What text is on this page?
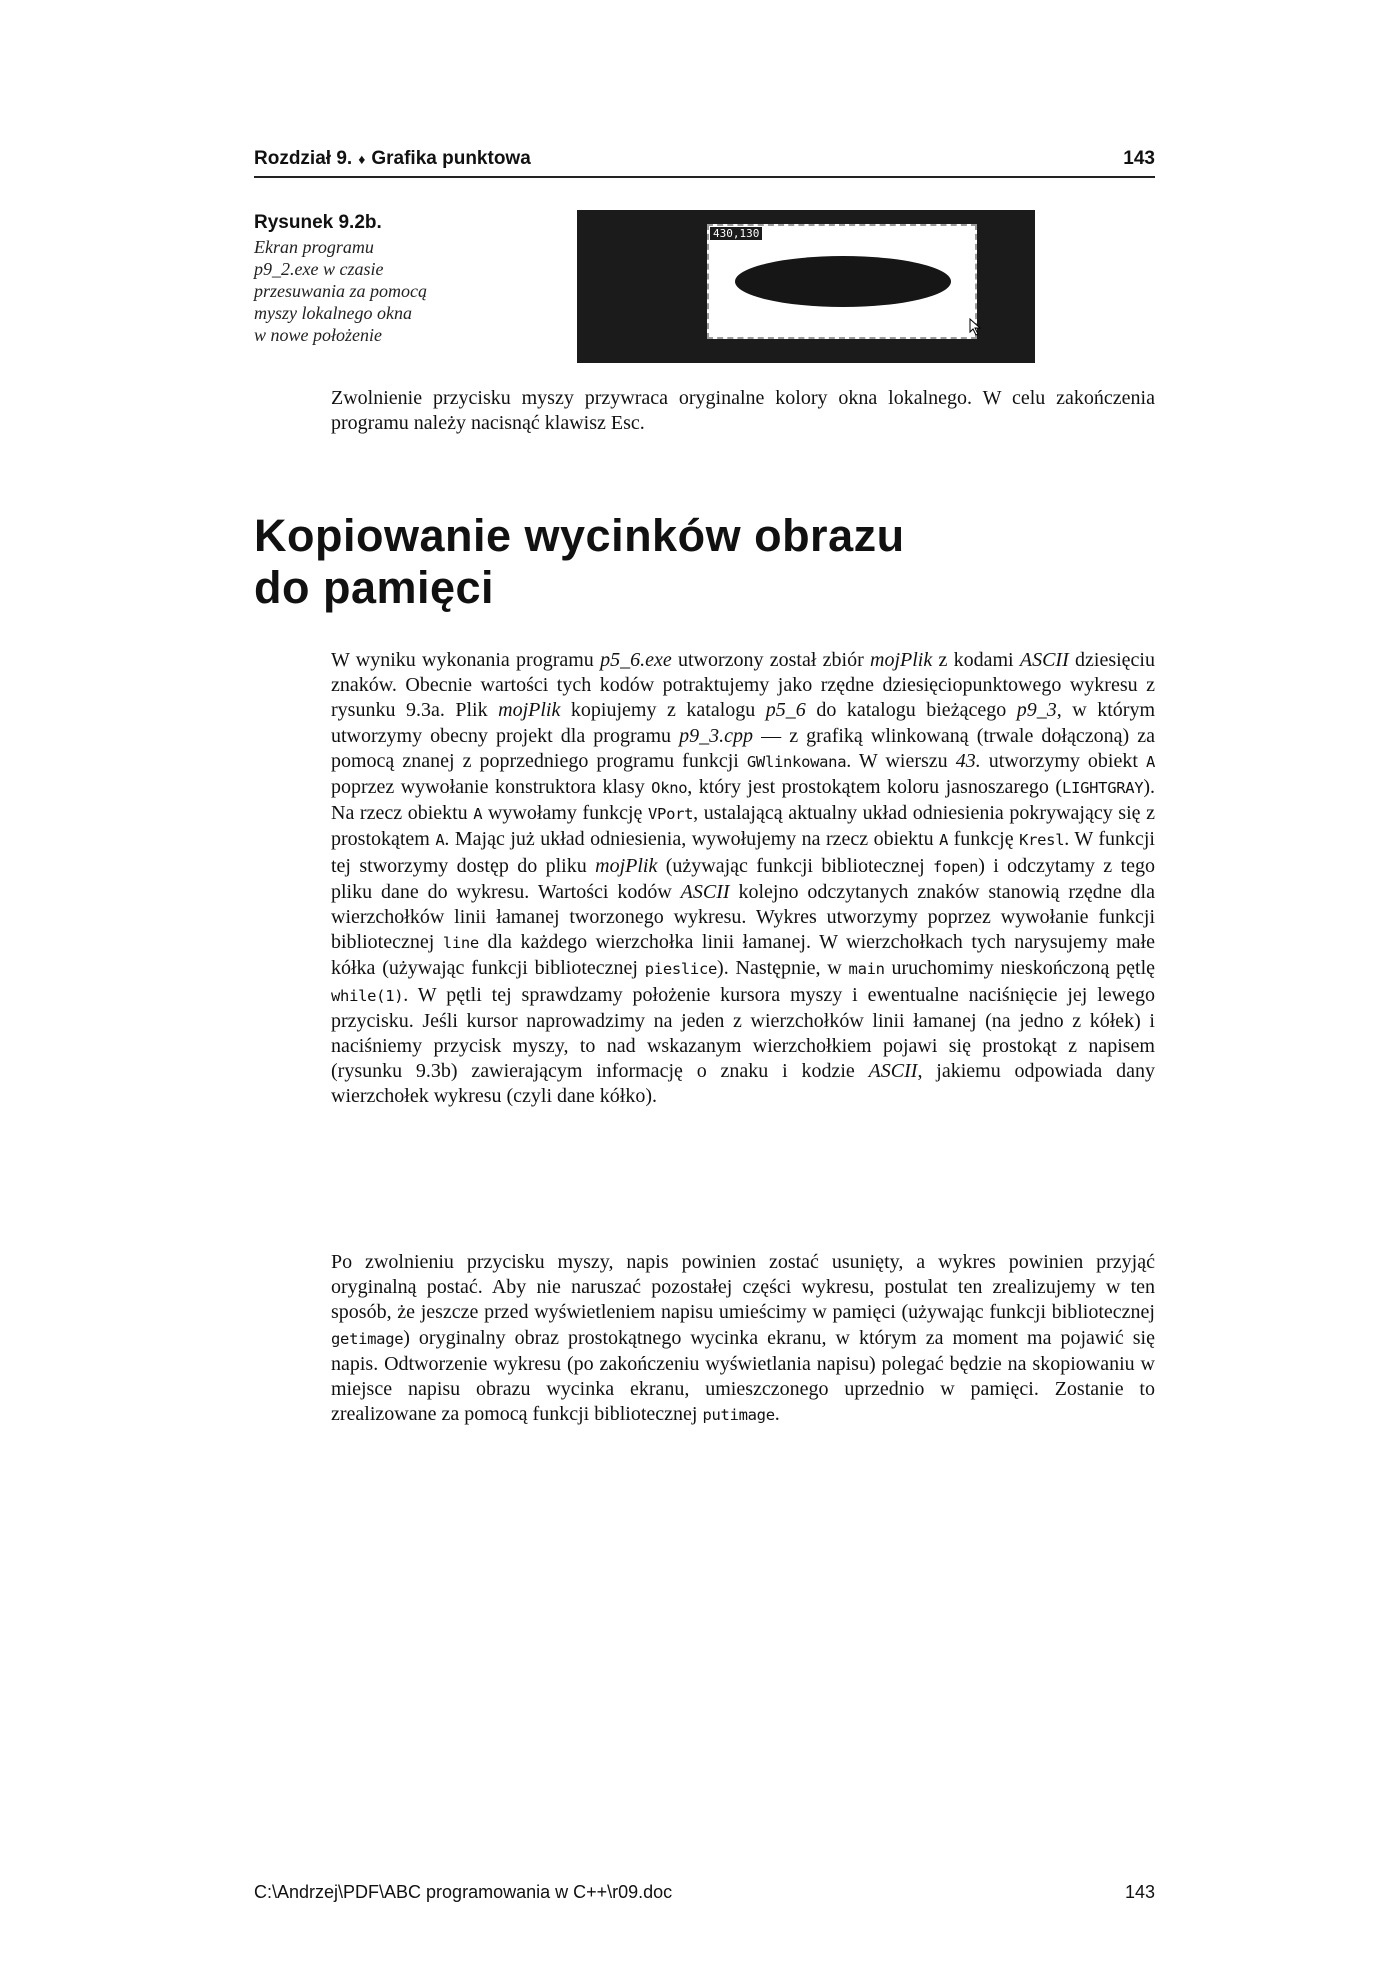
Rozdział 9. ♦ Grafika punktowa	143
Rysunek 9.2b.
Ekran programu
p9_2.exe w czasie
przesuwania za pomocą
myszy lokalnego okna
w nowe położenie
430,130
Zwolnienie przycisku myszy przywraca oryginalne kolory okna lokalnego. W celu zakończenia programu należy nacisnąć klawisz Esc.
Kopiowanie wycinków obrazu
do pamięci

W wyniku wykonania programu p5_6.exe utworzony został zbiór mojPlik z kodami ASCII dziesięciu znaków. Obecnie wartości tych kodów potraktujemy jako rzędne dziesięciopunktowego wykresu z rysunku 9.3a. Plik mojPlik kopiujemy z katalogu p5_6 do katalogu bieżącego p9_3, w którym utworzymy obecny projekt dla programu p9_3.cpp — z grafiką wlinkowaną (trwale dołączoną) za pomocą znanej z poprzedniego programu funkcji GWlinkowana. W wierszu 43. utworzymy obiekt A poprzez wywołanie konstruktora klasy Okno, który jest prostokątem koloru jasnoszarego (LIGHTGRAY). Na rzecz obiektu A wywołamy funkcję VPort, ustalającą aktualny układ odniesienia pokrywający się z prostokątem A. Mając już układ odniesienia, wywołujemy na rzecz obiektu A funkcję Kresl. W funkcji tej stworzymy dostęp do pliku mojPlik (używając funkcji bibliotecznej fopen) i odczytamy z tego pliku dane do wykresu. Wartości kodów ASCII kolejno odczytanych znaków stanowią rzędne dla wierzchołków linii łamanej tworzonego wykresu. Wykres utworzymy poprzez wywołanie funkcji bibliotecznej line dla każdego wierzchołka linii łamanej. W wierzchołkach tych narysujemy małe kółka (używając funkcji bibliotecznej pieslice). Następnie, w main uruchomimy nieskończoną pętlę while(1). W pętli tej sprawdzamy położenie kursora myszy i ewentualne naciśnięcie jej lewego przycisku. Jeśli kursor naprowadzimy na jeden z wierzchołków linii łamanej (na jedno z kółek) i naciśniemy przycisk myszy, to nad wskazanym wierzchołkiem pojawi się prostokąt z napisem (rysunku 9.3b) zawierającym informację o znaku i kodzie ASCII, jakiemu odpowiada dany wierzchołek wykresu (czyli dane kółko).

Po zwolnieniu przycisku myszy, napis powinien zostać usunięty, a wykres powinien przyjąć oryginalną postać. Aby nie naruszać pozostałej części wykresu, postulat ten zrealizujemy w ten sposób, że jeszcze przed wyświetleniem napisu umieścimy w pamięci (używając funkcji bibliotecznej getimage) oryginalny obraz prostokątnego wycinka ekranu, w którym za moment ma pojawić się napis. Odtworzenie wykresu (po zakończeniu wyświetlania napisu) polegać będzie na skopiowaniu w miejsce napisu obrazu wycinka ekranu, umieszczonego uprzednio w pamięci. Zostanie to zrealizowane za pomocą funkcji bibliotecznej putimage.

C:\Andrzej\PDF\ABC programowania w C++\r09.doc	143
